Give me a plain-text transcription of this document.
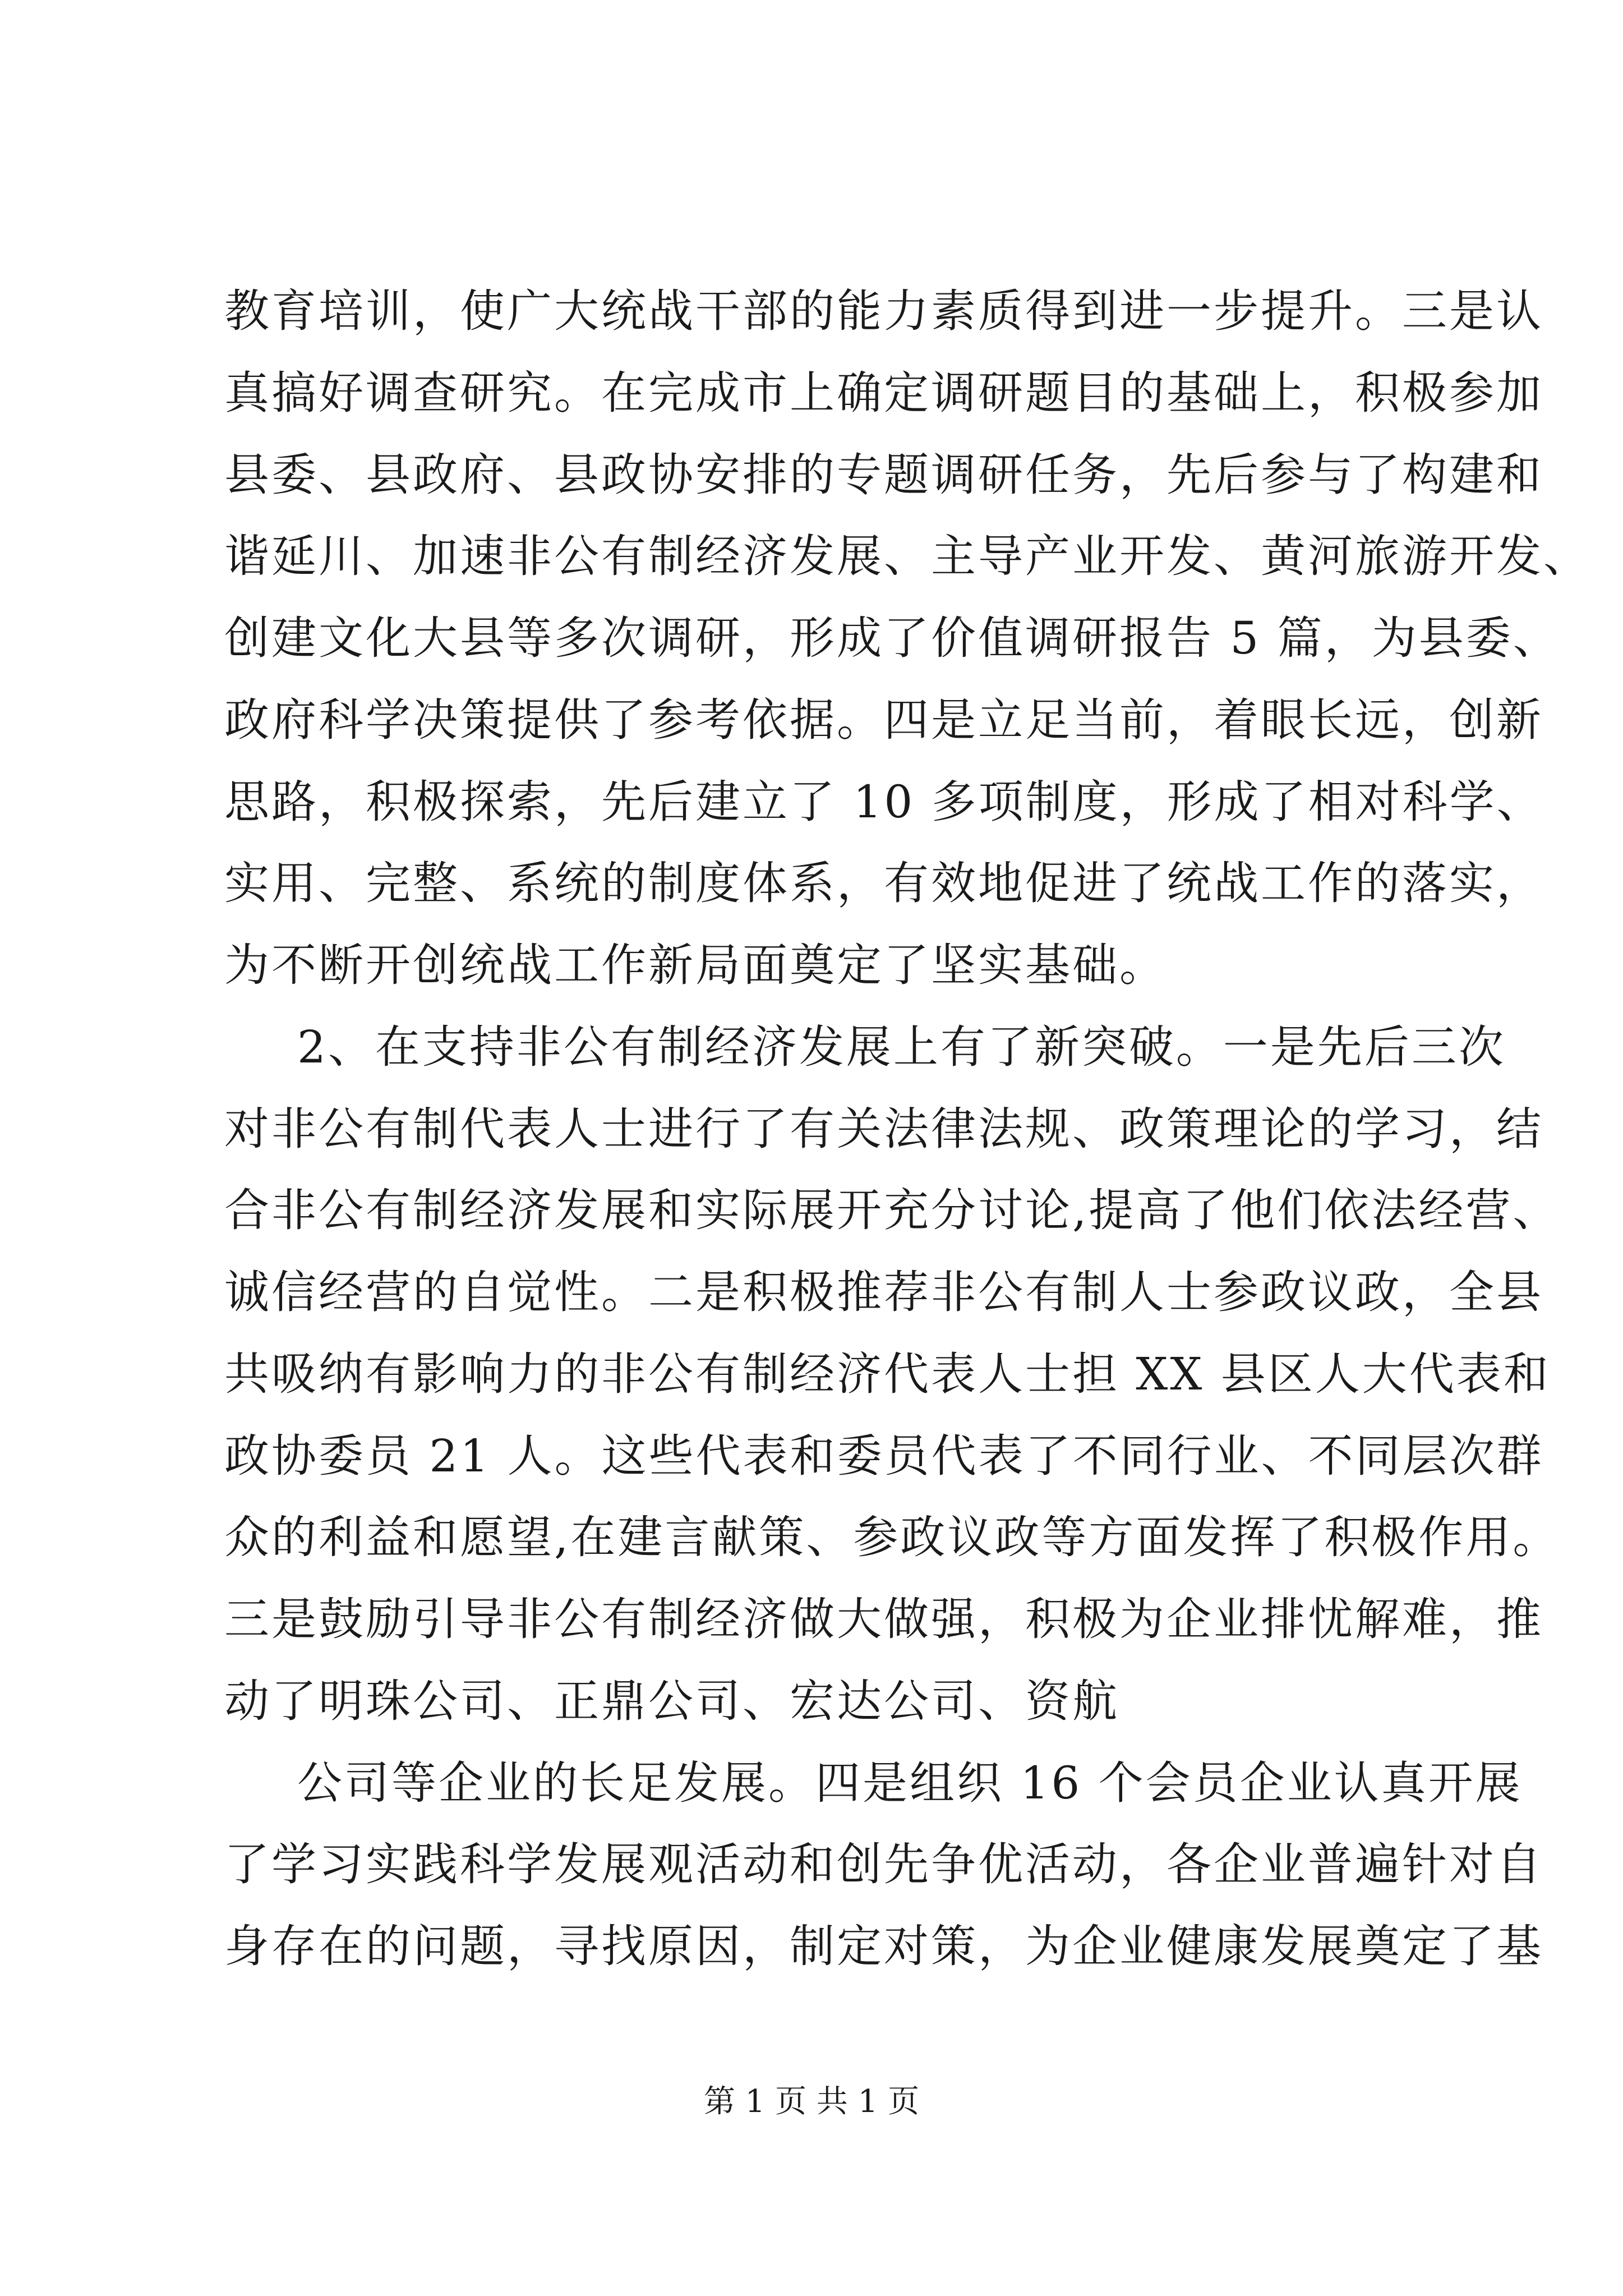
教育培训，使广大统战干部的能力素质得到进一步提升。三是认
真搞好调查研究。在完成市上确定调研题目的基础上，积极参加
县委、县政府、县政协安排的专题调研任务，先后参与了构建和
谐延川、加速非公有制经济发展、主导产业开发、黄河旅游开发、
创建文化大县等多次调研，形成了价值调研报告 5 篇，为县委、
政府科学决策提供了参考依据。四是立足当前，着眼长远，创新
思路，积极探索，先后建立了 10 多项制度，形成了相对科学、
实用、完整、系统的制度体系，有效地促进了统战工作的落实，
为不断开创统战工作新局面奠定了坚实基础。
2、在支持非公有制经济发展上有了新突破。一是先后三次
对非公有制代表人士进行了有关法律法规、政策理论的学习，结
合非公有制经济发展和实际展开充分讨论,提高了他们依法经营、
诚信经营的自觉性。二是积极推荐非公有制人士参政议政，全县
共吸纳有影响力的非公有制经济代表人士担 XX 县区人大代表和
政协委员 21 人。这些代表和委员代表了不同行业、不同层次群
众的利益和愿望,在建言献策、参政议政等方面发挥了积极作用。
三是鼓励引导非公有制经济做大做强，积极为企业排忧解难，推
动了明珠公司、正鼎公司、宏达公司、资航
公司等企业的长足发展。四是组织 16 个会员企业认真开展
了学习实践科学发展观活动和创先争优活动，各企业普遍针对自
身存在的问题，寻找原因，制定对策，为企业健康发展奠定了基
第 1 页 共 1 页
